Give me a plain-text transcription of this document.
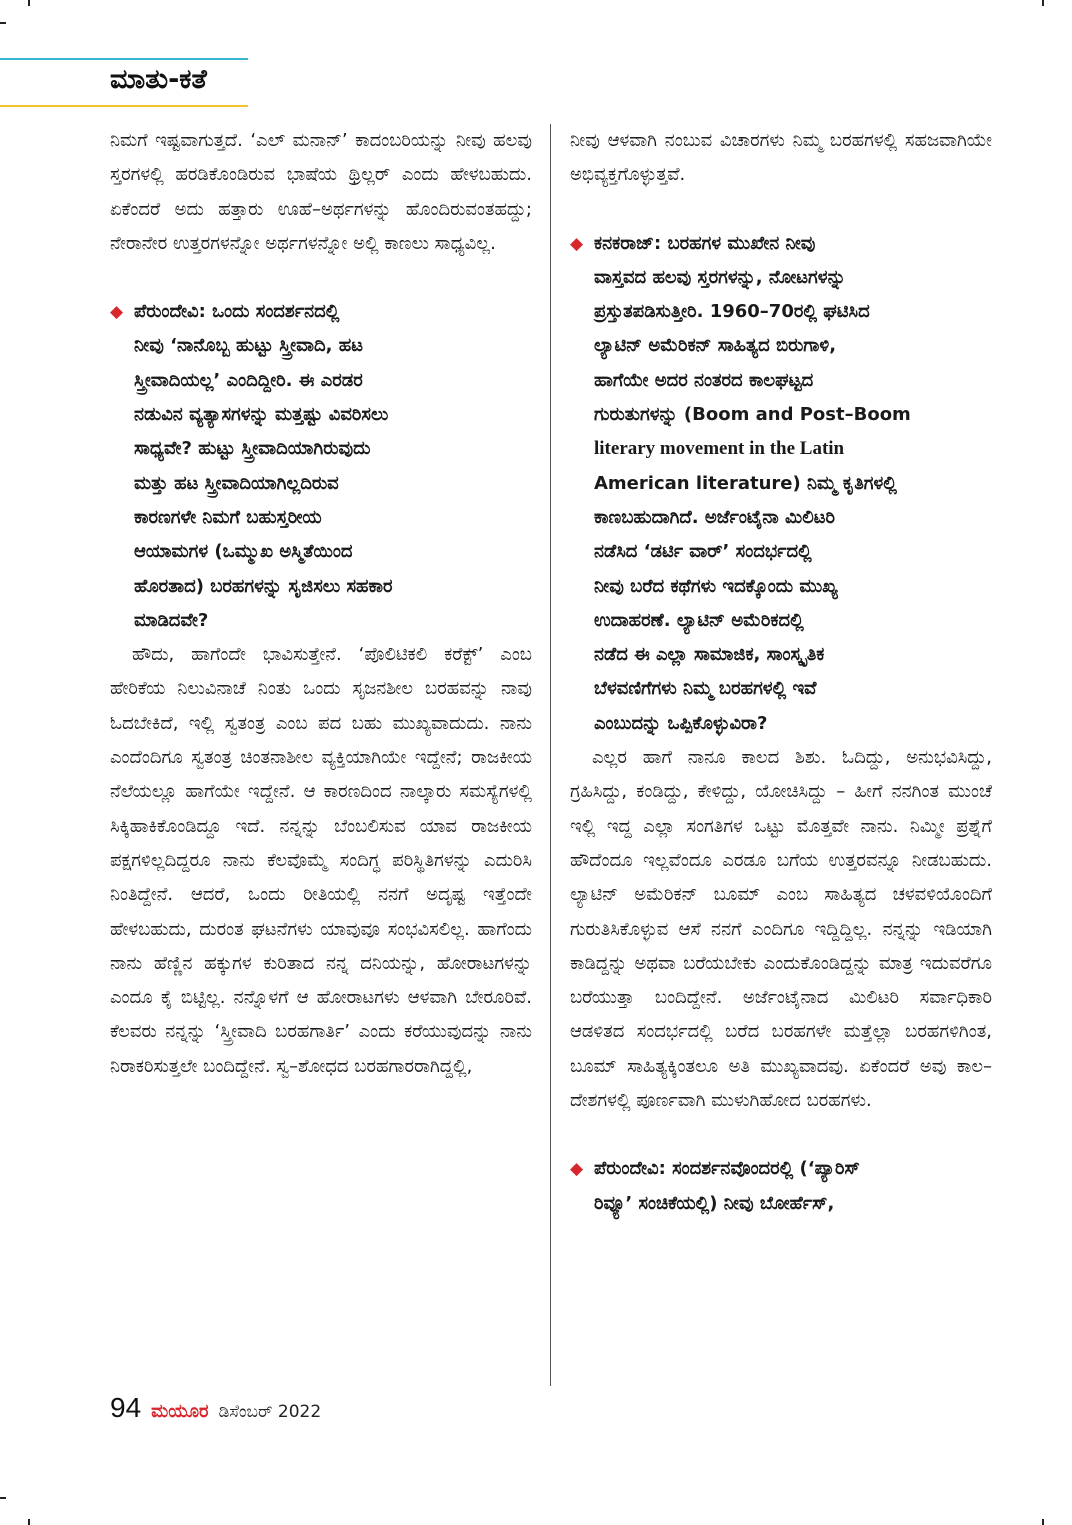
ಮಾತು-ಕತೆ

ನಿಮಗೆ ಇಷ್ಟವಾಗುತ್ತದೆ. ‘ಎಲ್ ಮನಾನ್’ ಕಾದಂಬರಿಯನ್ನು ನೀವು ಹಲವು ಸ್ತರಗಳಲ್ಲಿ ಹರಡಿಕೊಂಡಿರುವ ಭಾಷೆಯ ಥ್ರಿಲ್ಲರ್ ಎಂದು ಹೇಳಬಹುದು. ಏಕೆಂದರೆ ಅದು ಹತ್ತಾರು ಊಹೆ–ಅರ್ಥಗಳನ್ನು ಹೊಂದಿರುವಂತಹದ್ದು; ನೇರಾನೇರ ಉತ್ತರಗಳನ್ನೋ ಅರ್ಥಗಳನ್ನೋ ಅಲ್ಲಿ ಕಾಣಲು ಸಾಧ್ಯವಿಲ್ಲ.

◆ ಪೆರುಂದೇವಿ: ಒಂದು ಸಂದರ್ಶನದಲ್ಲಿ
ನೀವು ‘ನಾನೊಬ್ಬ ಹುಟ್ಟು ಸ್ತ್ರೀವಾದಿ, ಹಟ
ಸ್ತ್ರೀವಾದಿಯಲ್ಲ’ ಎಂದಿದ್ದೀರಿ. ಈ ಎರಡರ
ನಡುವಿನ ವ್ಯತ್ಯಾಸಗಳನ್ನು ಮತ್ತಷ್ಟು ವಿವರಿಸಲು
ಸಾಧ್ಯವೇ? ಹುಟ್ಟು ಸ್ತ್ರೀವಾದಿಯಾಗಿರುವುದು
ಮತ್ತು ಹಟ ಸ್ತ್ರೀವಾದಿಯಾಗಿಲ್ಲದಿರುವ
ಕಾರಣಗಳೇ ನಿಮಗೆ ಬಹುಸ್ತರೀಯ
ಆಯಾಮಗಳ (ಒಮ್ಮುಖ ಅಸ್ಮಿತೆಯಿಂದ
ಹೊರತಾದ) ಬರಹಗಳನ್ನು ಸೃಜಿಸಲು ಸಹಕಾರ
ಮಾಡಿದವೇ?

ಹೌದು, ಹಾಗೆಂದೇ ಭಾವಿಸುತ್ತೇನೆ. ‘ಪೊಲಿಟಿಕಲಿ ಕರೆಕ್ಟ್’ ಎಂಬ ಹೇರಿಕೆಯ ನಿಲುವಿನಾಚೆ ನಿಂತು ಒಂದು ಸೃಜನಶೀಲ ಬರಹವನ್ನು ನಾವು ಓದಬೇಕಿದೆ, ಇಲ್ಲಿ ಸ್ವತಂತ್ರ ಎಂಬ ಪದ ಬಹು ಮುಖ್ಯವಾದುದು. ನಾನು ಎಂದೆಂದಿಗೂ ಸ್ವತಂತ್ರ ಚಿಂತನಾಶೀಲ ವ್ಯಕ್ತಿಯಾಗಿಯೇ ಇದ್ದೇನೆ; ರಾಜಕೀಯ ನೆಲೆಯಲ್ಲೂ ಹಾಗೆಯೇ ಇದ್ದೇನೆ. ಆ ಕಾರಣದಿಂದ ನಾಲ್ಕಾರು ಸಮಸ್ಯೆಗಳಲ್ಲಿ ಸಿಕ್ಕಿಹಾಕಿಕೊಂಡಿದ್ದೂ ಇದೆ. ನನ್ನನ್ನು ಬೆಂಬಲಿಸುವ ಯಾವ ರಾಜಕೀಯ ಪಕ್ಷಗಳಿಲ್ಲದಿದ್ದರೂ ನಾನು ಕೆಲವೊಮ್ಮೆ ಸಂದಿಗ್ಧ ಪರಿಸ್ಥಿತಿಗಳನ್ನು ಎದುರಿಸಿ ನಿಂತಿದ್ದೇನೆ. ಆದರೆ, ಒಂದು ರೀತಿಯಲ್ಲಿ ನನಗೆ ಅದೃಷ್ಟ ಇತ್ತೆಂದೇ ಹೇಳಬಹುದು, ದುರಂತ ಘಟನೆಗಳು ಯಾವುವೂ ಸಂಭವಿಸಲಿಲ್ಲ. ಹಾಗೆಂದು ನಾನು ಹೆಣ್ಣಿನ ಹಕ್ಕುಗಳ ಕುರಿತಾದ ನನ್ನ ದನಿಯನ್ನು, ಹೋರಾಟಗಳನ್ನು ಎಂದೂ ಕೈ ಬಿಟ್ಟಿಲ್ಲ. ನನ್ನೊಳಗೆ ಆ ಹೋರಾಟಗಳು ಆಳವಾಗಿ ಬೇರೂರಿವೆ. ಕೆಲವರು ನನ್ನನ್ನು ‘ಸ್ತ್ರೀವಾದಿ ಬರಹಗಾರ್ತಿ’ ಎಂದು ಕರೆಯುವುದನ್ನು ನಾನು ನಿರಾಕರಿಸುತ್ತಲೇ ಬಂದಿದ್ದೇನೆ. ಸ್ವ–ಶೋಧದ ಬರಹಗಾರರಾಗಿದ್ದಲ್ಲಿ,

ನೀವು ಆಳವಾಗಿ ನಂಬುವ ವಿಚಾರಗಳು ನಿಮ್ಮ ಬರಹಗಳಲ್ಲಿ ಸಹಜವಾಗಿಯೇ ಅಭಿವ್ಯಕ್ತಗೊಳ್ಳುತ್ತವೆ.

◆ ಕನಕರಾಜ್: ಬರಹಗಳ ಮುಖೇನ ನೀವು
ವಾಸ್ತವದ ಹಲವು ಸ್ತರಗಳನ್ನು, ನೋಟಗಳನ್ನು
ಪ್ರಸ್ತುತಪಡಿಸುತ್ತೀರಿ. 1960–70ರಲ್ಲಿ ಘಟಿಸಿದ
ಲ್ಯಾಟಿನ್ ಅಮೆರಿಕನ್ ಸಾಹಿತ್ಯದ ಬಿರುಗಾಳಿ,
ಹಾಗೆಯೇ ಅದರ ನಂತರದ ಕಾಲಘಟ್ಟದ
ಗುರುತುಗಳನ್ನು (Boom and Post–Boom
literary movement in the Latin
American literature) ನಿಮ್ಮ ಕೃತಿಗಳಲ್ಲಿ
ಕಾಣಬಹುದಾಗಿದೆ. ಅರ್ಜೆಂಟೈನಾ ಮಿಲಿಟರಿ
ನಡೆಸಿದ ‘ಡರ್ಟಿ ವಾರ್’ ಸಂದರ್ಭದಲ್ಲಿ
ನೀವು ಬರೆದ ಕಥೆಗಳು ಇದಕ್ಕೊಂದು ಮುಖ್ಯ
ಉದಾಹರಣೆ. ಲ್ಯಾಟಿನ್ ಅಮೆರಿಕದಲ್ಲಿ
ನಡೆದ ಈ ಎಲ್ಲಾ ಸಾಮಾಜಿಕ, ಸಾಂಸ್ಕೃತಿಕ
ಬೆಳವಣಿಗೆಗಳು ನಿಮ್ಮ ಬರಹಗಳಲ್ಲಿ ಇವೆ
ಎಂಬುದನ್ನು ಒಪ್ಪಿಕೊಳ್ಳುವಿರಾ?

ಎಲ್ಲರ ಹಾಗೆ ನಾನೂ ಕಾಲದ ಶಿಶು. ಓದಿದ್ದು, ಅನುಭವಿಸಿದ್ದು, ಗ್ರಹಿಸಿದ್ದು, ಕಂಡಿದ್ದು, ಕೇಳಿದ್ದು, ಯೋಚಿಸಿದ್ದು – ಹೀಗೆ ನನಗಿಂತ ಮುಂಚೆ ಇಲ್ಲಿ ಇದ್ದ ಎಲ್ಲಾ ಸಂಗತಿಗಳ ಒಟ್ಟು ಮೊತ್ತವೇ ನಾನು. ನಿಮ್ಮೀ ಪ್ರಶ್ನೆಗೆ ಹೌದೆಂದೂ ಇಲ್ಲವೆಂದೂ ಎರಡೂ ಬಗೆಯ ಉತ್ತರವನ್ನೂ ನೀಡಬಹುದು. ಲ್ಯಾಟಿನ್ ಅಮೆರಿಕನ್ ಬೂಮ್ ಎಂಬ ಸಾಹಿತ್ಯದ ಚಳವಳಿಯೊಂದಿಗೆ ಗುರುತಿಸಿಕೊಳ್ಳುವ ಆಸೆ ನನಗೆ ಎಂದಿಗೂ ಇದ್ದಿದ್ದಿಲ್ಲ. ನನ್ನನ್ನು ಇಡಿಯಾಗಿ ಕಾಡಿದ್ದನ್ನು ಅಥವಾ ಬರೆಯಬೇಕು ಎಂದುಕೊಂಡಿದ್ದನ್ನು ಮಾತ್ರ ಇದುವರೆಗೂ ಬರೆಯುತ್ತಾ ಬಂದಿದ್ದೇನೆ. ಅರ್ಜೆಂಟೈನಾದ ಮಿಲಿಟರಿ ಸರ್ವಾಧಿಕಾರಿ ಆಡಳಿತದ ಸಂದರ್ಭದಲ್ಲಿ ಬರೆದ ಬರಹಗಳೇ ಮತ್ತೆಲ್ಲಾ ಬರಹಗಳಿಗಿಂತ, ಬೂಮ್ ಸಾಹಿತ್ಯಕ್ಕಿಂತಲೂ ಅತಿ ಮುಖ್ಯವಾದವು. ಏಕೆಂದರೆ ಅವು ಕಾಲ–ದೇಶಗಳಲ್ಲಿ ಪೂರ್ಣವಾಗಿ ಮುಳುಗಿಹೋದ ಬರಹಗಳು.

◆ ಪೆರುಂದೇವಿ: ಸಂದರ್ಶನವೊಂದರಲ್ಲಿ (‘ಪ್ಯಾರಿಸ್
ರಿವ್ಯೂ’ ಸಂಚಿಕೆಯಲ್ಲಿ) ನೀವು ಬೋರ್ಹೆಸ್,
94 ಮಯೂರ ಡಿಸೆಂಬರ್ 2022
